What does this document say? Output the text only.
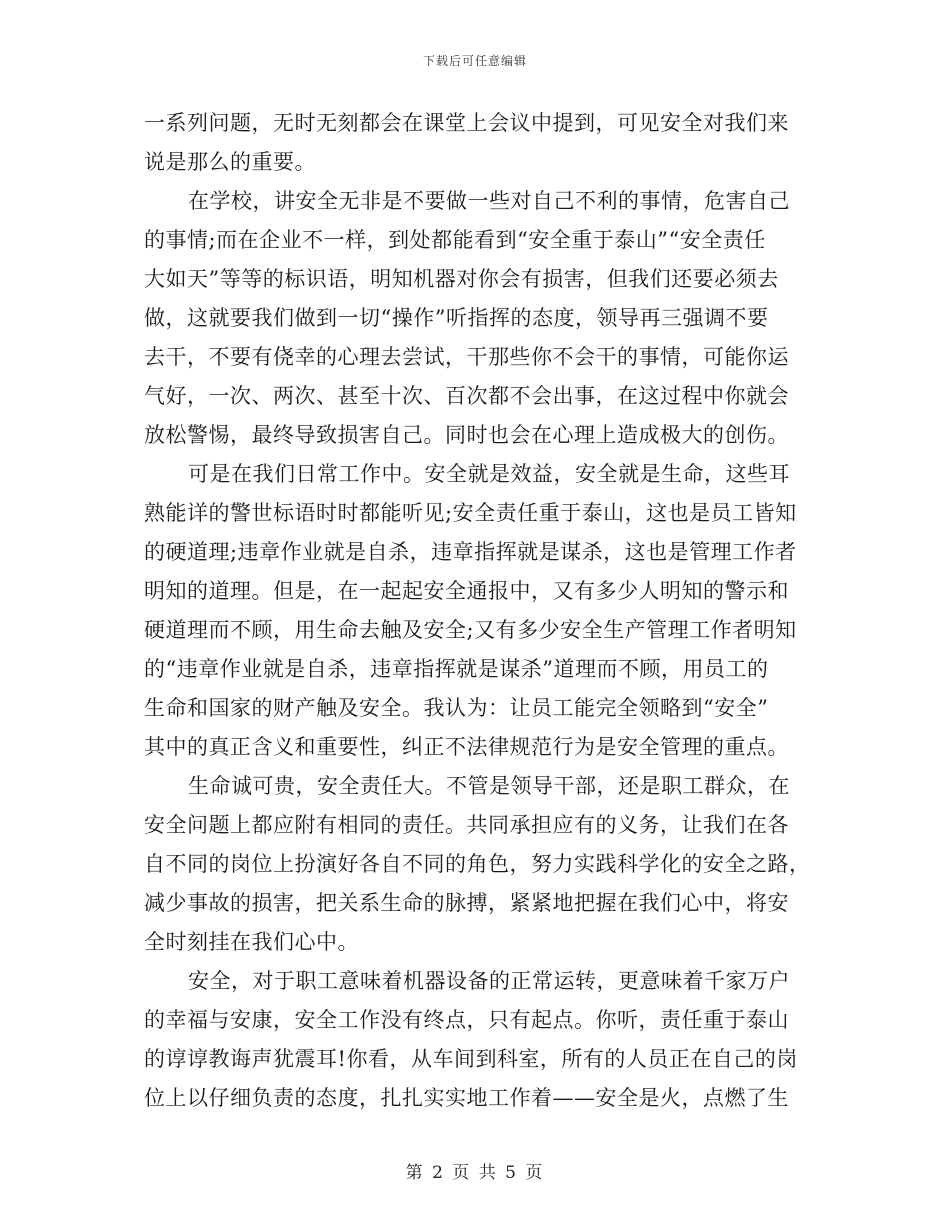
下载后可任意编辑
一系列问题，无时无刻都会在课堂上会议中提到，可见安全对我们来
说是那么的重要。
在学校，讲安全无非是不要做一些对自己不利的事情，危害自己
的事情;而在企业不一样，到处都能看到“安全重于泰山”“安全责任
大如天”等等的标识语，明知机器对你会有损害，但我们还要必须去
做，这就要我们做到一切“操作”听指挥的态度，领导再三强调不要
去干，不要有侥幸的心理去尝试，干那些你不会干的事情，可能你运
气好，一次、两次、甚至十次、百次都不会出事，在这过程中你就会
放松警惕，最终导致损害自己。同时也会在心理上造成极大的创伤。
可是在我们日常工作中。安全就是效益，安全就是生命，这些耳
熟能详的警世标语时时都能听见;安全责任重于泰山，这也是员工皆知
的硬道理;违章作业就是自杀，违章指挥就是谋杀，这也是管理工作者
明知的道理。但是，在一起起安全通报中，又有多少人明知的警示和
硬道理而不顾，用生命去触及安全;又有多少安全生产管理工作者明知
的“违章作业就是自杀，违章指挥就是谋杀”道理而不顾，用员工的
生命和国家的财产触及安全。我认为：让员工能完全领略到“安全”
其中的真正含义和重要性，纠正不法律规范行为是安全管理的重点。
生命诚可贵，安全责任大。不管是领导干部，还是职工群众，在
安全问题上都应附有相同的责任。共同承担应有的义务，让我们在各
自不同的岗位上扮演好各自不同的角色，努力实践科学化的安全之路，
减少事故的损害，把关系生命的脉搏，紧紧地把握在我们心中，将安
全时刻挂在我们心中。
安全，对于职工意味着机器设备的正常运转，更意味着千家万户
的幸福与安康，安全工作没有终点，只有起点。你听，责任重于泰山
的谆谆教诲声犹震耳!你看，从车间到科室，所有的人员正在自己的岗
位上以仔细负责的态度，扎扎实实地工作着——安全是火，点燃了生
第 2 页 共 5 页
